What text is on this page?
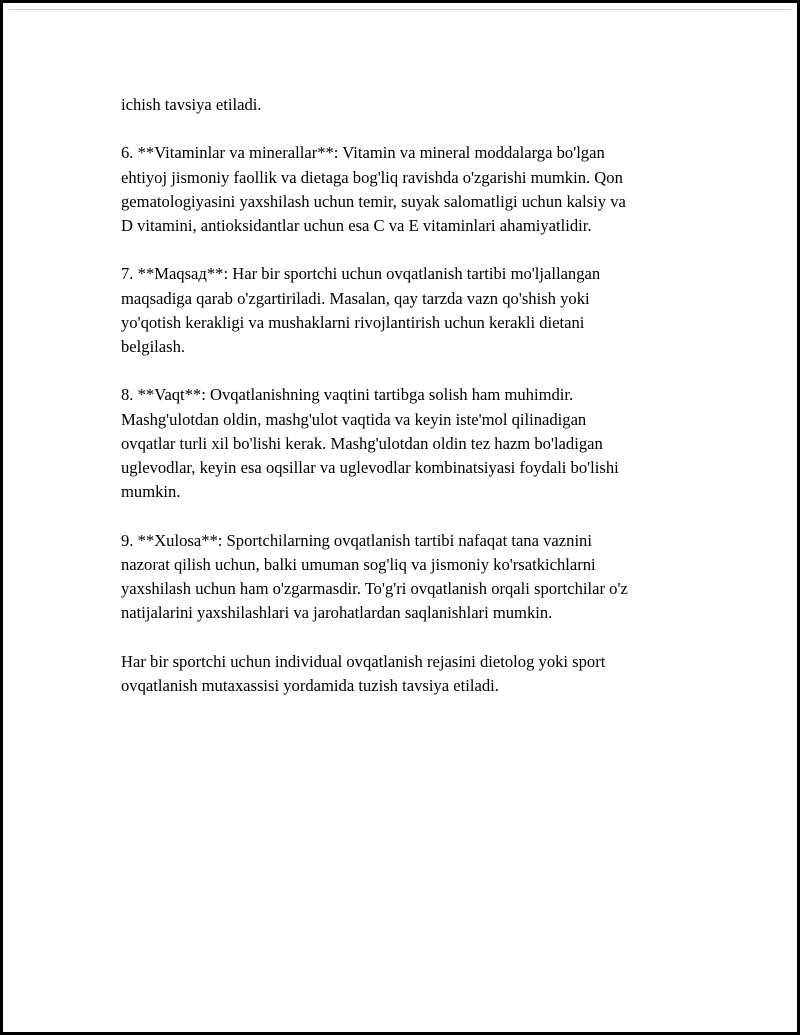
ichish tavsiya etiladi.
6. **Vitaminlar va minerallar**: Vitamin va mineral moddalarga bo'lgan
ehtiyoj jismoniy faollik va dietaga bog'liq ravishda o'zgarishi mumkin. Qon
gematologiyasini yaxshilash uchun temir, suyak salomatligi uchun kalsiy va
D vitamini, antioksidantlar uchun esa C va E vitaminlari ahamiyatlidir.
7. **Маqsад**: Har bir sportchi uchun ovqatlanish tartibi mo'ljallangan
maqsadiga qarab o'zgartiriladi. Masalan, qay tarzda vazn qo'shish yoki
yo'qotish kerakligi va mushaklarni rivojlantirish uchun kerakli dietani
belgilash.
8. **Vaqt**: Ovqatlanishning vaqtini tartibga solish ham muhimdir.
Mashg'ulotdan oldin, mashg'ulot vaqtida va keyin iste'mol qilinadigan
ovqatlar turli xil bo'lishi kerak. Mashg'ulotdan oldin tez hazm bo'ladigan
uglevodlar, keyin esa oqsillar va uglevodlar kombinatsiyasi foydali bo'lishi
mumkin.
9. **Xulosa**: Sportchilarning ovqatlanish tartibi nafaqat tana vaznini
nazorat qilish uchun, balki umuman sog'liq va jismoniy ko'rsatkichlarni
yaxshilash uchun ham o'zgarmasdir. To'g'ri ovqatlanish orqali sportchilar o'z
natijalarini yaxshilashlari va jarohatlardan saqlanishlari mumkin.
Har bir sportchi uchun individual ovqatlanish rejasini dietolog yoki sport
ovqatlanish mutaxassisi yordamida tuzish tavsiya etiladi.
